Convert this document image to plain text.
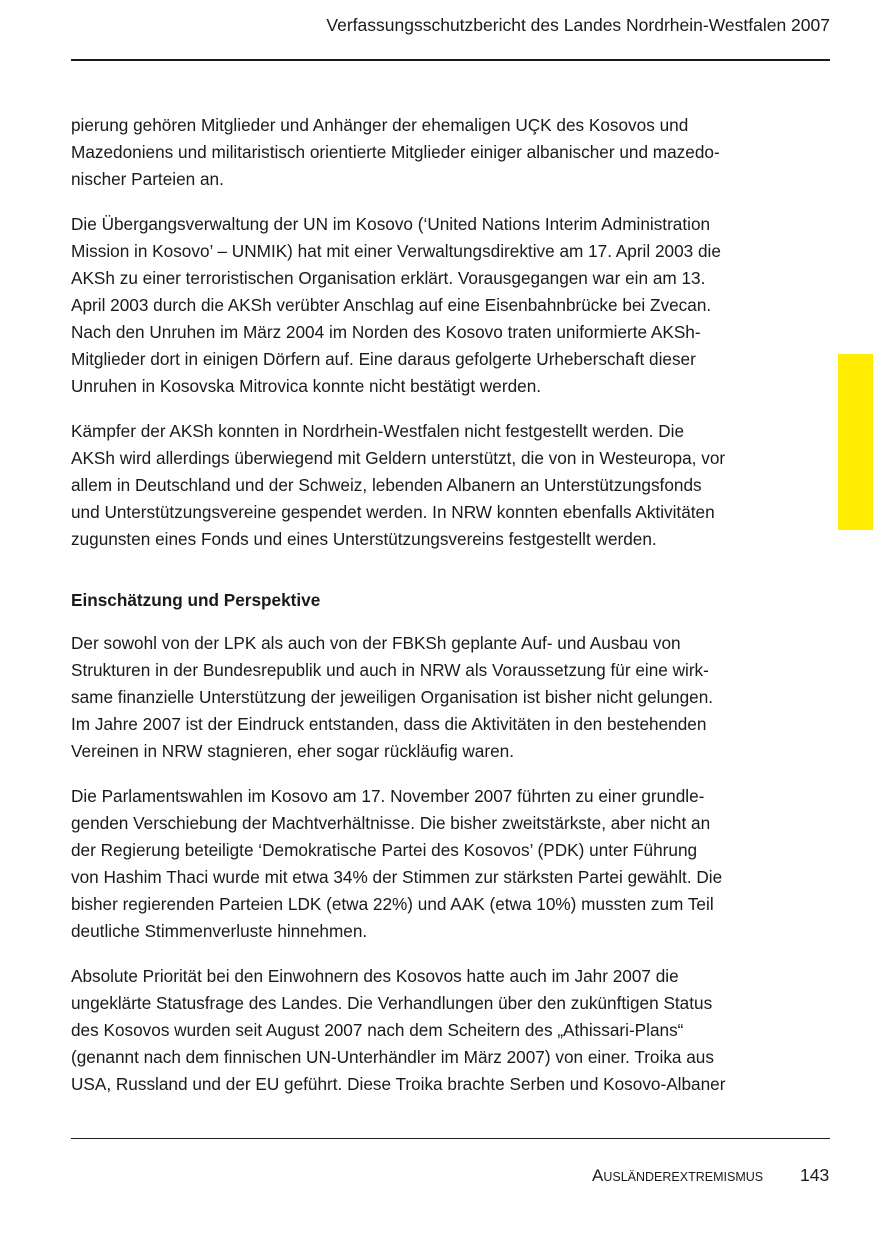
Verfassungsschutzbericht des Landes Nordrhein-Westfalen 2007

pierung gehören Mitglieder und Anhänger der ehemaligen UÇK des Kosovos und
Mazedoniens und militaristisch orientierte Mitglieder einiger albanischer und mazedo-
nischer Parteien an.

Die Übergangsverwaltung der UN im Kosovo (‘United Nations Interim Administration
Mission in Kosovo’ – UNMIK) hat mit einer Verwaltungsdirektive am 17. April 2003 die
AKSh zu einer terroristischen Organisation erklärt. Vorausgegangen war ein am 13.
April 2003 durch die AKSh verübter Anschlag auf eine Eisenbahnbrücke bei Zvecan.
Nach den Unruhen im März 2004 im Norden des Kosovo traten uniformierte AKSh-
Mitglieder dort in einigen Dörfern auf. Eine daraus gefolgerte Urheberschaft dieser
Unruhen in Kosovska Mitrovica konnte nicht bestätigt werden.

Kämpfer der AKSh konnten in Nordrhein-Westfalen nicht festgestellt werden. Die
AKSh wird allerdings überwiegend mit Geldern unterstützt, die von in Westeuropa, vor
allem in Deutschland und der Schweiz, lebenden Albanern an Unterstützungsfonds
und Unterstützungsvereine gespendet werden. In NRW konnten ebenfalls Aktivitäten
zugunsten eines Fonds und eines Unterstützungsvereins festgestellt werden.

Einschätzung und Perspektive

Der sowohl von der LPK als auch von der FBKSh geplante Auf- und Ausbau von
Strukturen in der Bundesrepublik und auch in NRW als Voraussetzung für eine wirk-
same finanzielle Unterstützung der jeweiligen Organisation ist bisher nicht gelungen.
Im Jahre 2007 ist der Eindruck entstanden, dass die Aktivitäten in den bestehenden
Vereinen in NRW stagnieren, eher sogar rückläufig waren.

Die Parlamentswahlen im Kosovo am 17. November 2007 führten zu einer grundle-
genden Verschiebung der Machtverhältnisse. Die bisher zweitstärkste, aber nicht an
der Regierung beteiligte ‘Demokratische Partei des Kosovos’ (PDK) unter Führung
von Hashim Thaci wurde mit etwa 34% der Stimmen zur stärksten Partei gewählt. Die
bisher regierenden Parteien LDK (etwa 22%) und AAK (etwa 10%) mussten zum Teil
deutliche Stimmenverluste hinnehmen.

Absolute Priorität bei den Einwohnern des Kosovos hatte auch im Jahr 2007 die
ungeklärte Statusfrage des Landes. Die Verhandlungen über den zukünftigen Status
des Kosovos wurden seit August 2007 nach dem Scheitern des „Athissari-Plans“
(genannt nach dem finnischen UN-Unterhändler im März 2007) von einer. Troika aus
USA, Russland und der EU geführt. Diese Troika brachte Serben und Kosovo-Albaner

AUSLÄNDEREXTREMISMUS 143
